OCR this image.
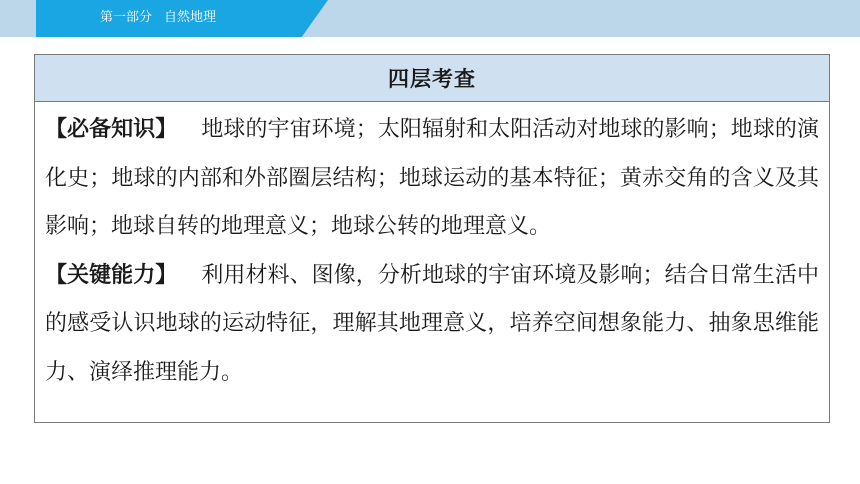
第一部分 自然地理
四层考查
【必备知识】 地球的宇宙环境；太阳辐射和太阳活动对地球的影响；地球的演化史；地球的内部和外部圈层结构；地球运动的基本特征；黄赤交角的含义及其影响；地球自转的地理意义；地球公转的地理意义。
【关键能力】 利用材料、图像，分析地球的宇宙环境及影响；结合日常生活中的感受认识地球的运动特征，理解其地理意义，培养空间想象能力、抽象思维能力、演绎推理能力。
